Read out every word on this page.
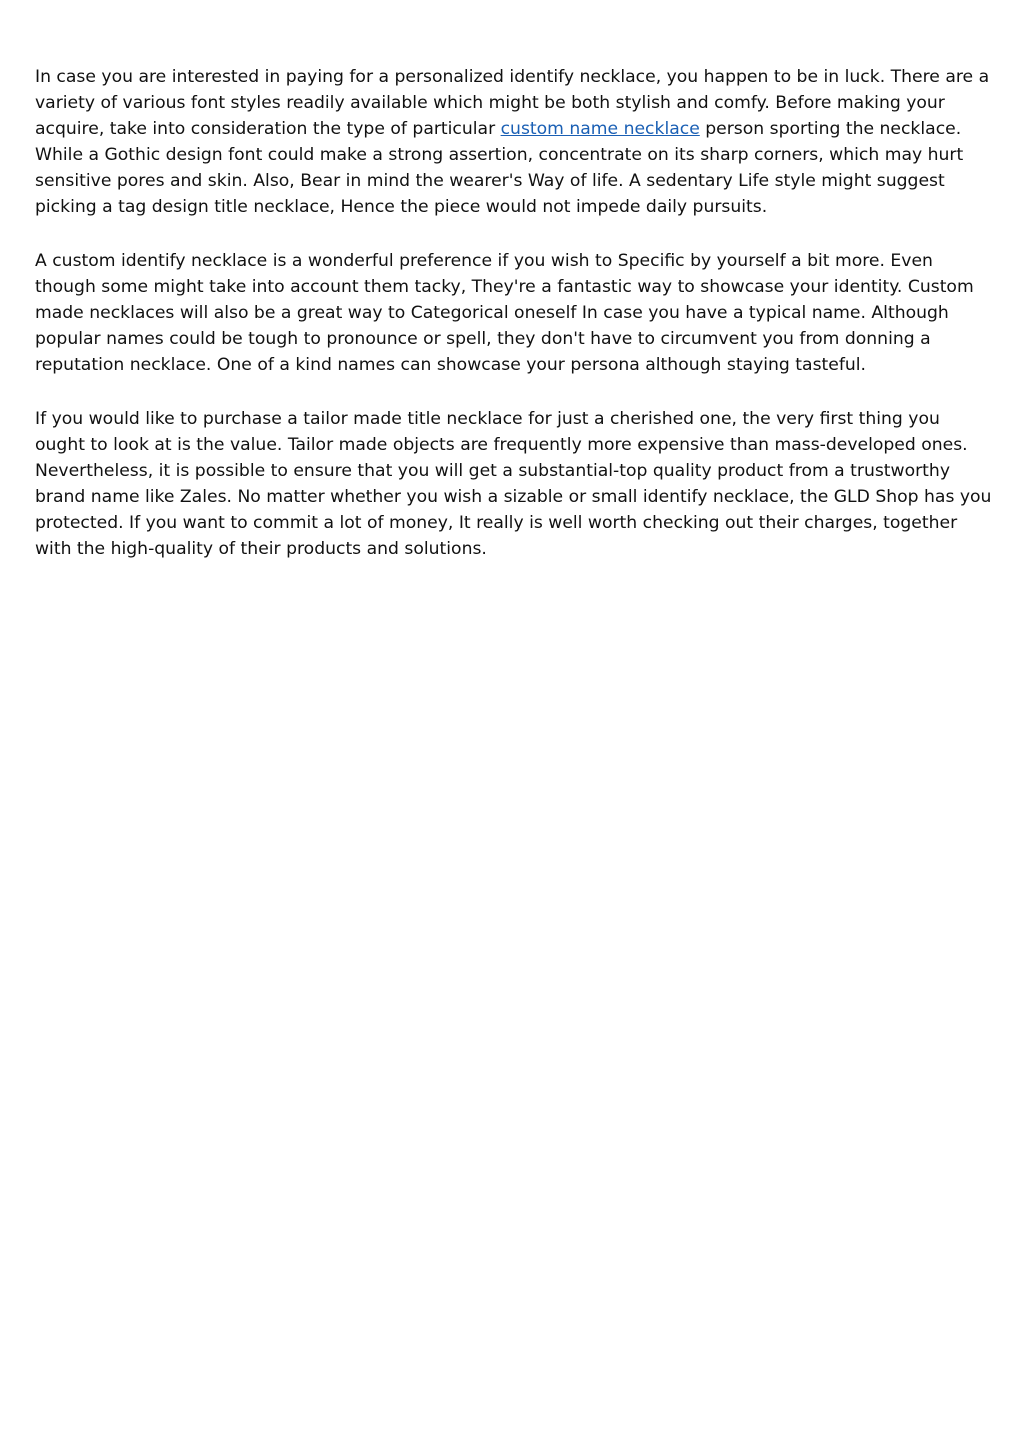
In case you are interested in paying for a personalized identify necklace, you happen to be in luck. There are a variety of various font styles readily available which might be both stylish and comfy. Before making your acquire, take into consideration the type of particular custom name necklace person sporting the necklace. While a Gothic design font could make a strong assertion, concentrate on its sharp corners, which may hurt sensitive pores and skin. Also, Bear in mind the wearer's Way of life. A sedentary Life style might suggest picking a tag design title necklace, Hence the piece would not impede daily pursuits.

A custom identify necklace is a wonderful preference if you wish to Specific by yourself a bit more. Even though some might take into account them tacky, They're a fantastic way to showcase your identity. Custom made necklaces will also be a great way to Categorical oneself In case you have a typical name. Although popular names could be tough to pronounce or spell, they don't have to circumvent you from donning a reputation necklace. One of a kind names can showcase your persona although staying tasteful.

If you would like to purchase a tailor made title necklace for just a cherished one, the very first thing you ought to look at is the value. Tailor made objects are frequently more expensive than mass-developed ones. Nevertheless, it is possible to ensure that you will get a substantial-top quality product from a trustworthy brand name like Zales. No matter whether you wish a sizable or small identify necklace, the GLD Shop has you protected. If you want to commit a lot of money, It really is well worth checking out their charges, together with the high-quality of their products and solutions.
